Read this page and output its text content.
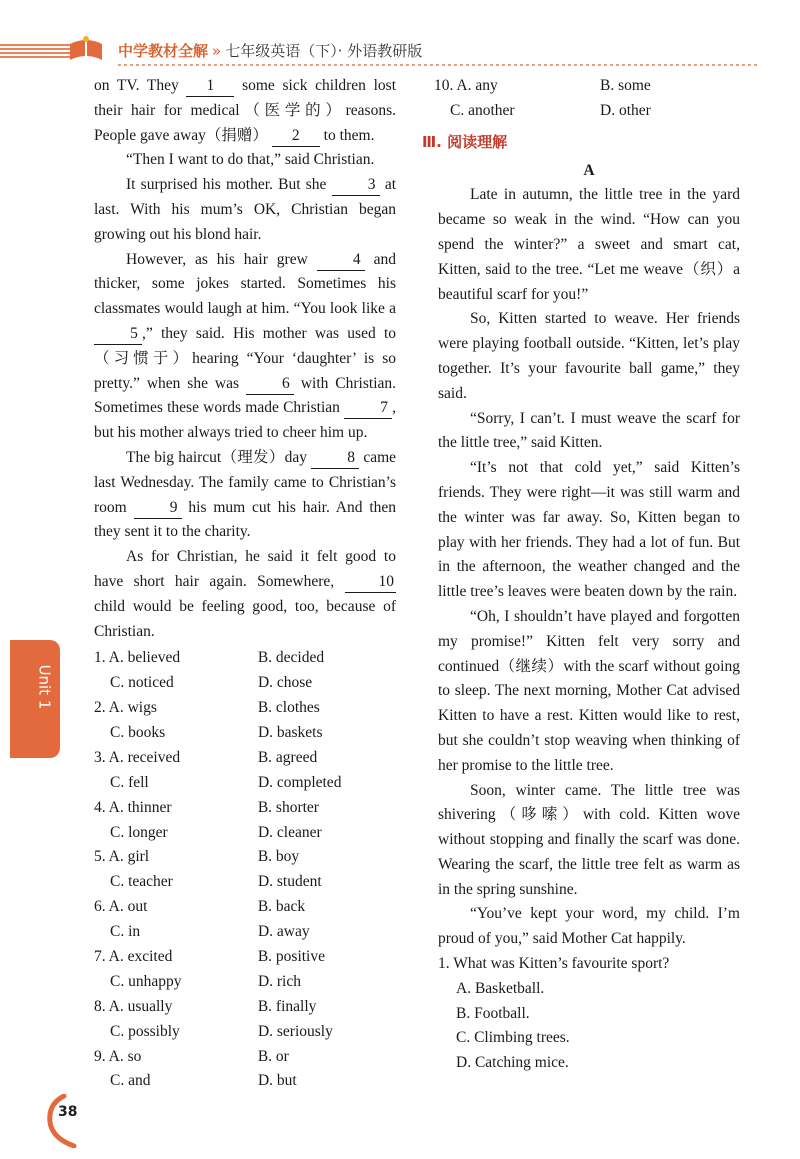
中学教材全解 » 七年级英语（下）· 外语教研版

on TV. They 1 some sick children lost their hair for medical（医学的）reasons. People gave away（捐赠） 2 to them.

“Then I want to do that,” said Christian.

It surprised his mother. But she	3 at last. With his mum’s OK, Christian began growing out his blond hair.

However, as his hair grew	4 and thicker, some jokes started. Sometimes his classmates would laugh at him. “You look like a 5 ,” they said. His mother was used to（习惯于）hearing “Your ‘daughter’ is so pretty.” when she was	6 with Christian. Sometimes these words made Christian	7 , but his mother always tried to cheer him up.

The big haircut（理发）day	8 came last Wednesday. The family came to Christian’s room	9 his mum cut his hair. And then they sent it to the charity.

As for Christian, he said it felt good to have short hair again. Somewhere,	10 child would be feeling good, too, because of Christian.

1. A. believed	B. decided
C. noticed	D. chose
2. A. wigs	B. clothes
C. books	D. baskets
3. A. received	B. agreed
C. fell	D. completed
4. A. thinner	B. shorter
C. longer	D. cleaner
5. A. girl	B. boy
C. teacher	D. student
6. A. out	B. back
C. in	D. away
7. A. excited	B. positive
C. unhappy	D. rich
8. A. usually	B. finally
C. possibly	D. seriously
9. A. so	B. or
C. and	D. but
10. A. any	B. some
C. another	D. other
Ⅲ. 阅读理解
A

Late in autumn, the little tree in the yard became so weak in the wind. “How can you spend the winter?” a sweet and smart cat, Kitten, said to the tree. “Let me weave（织）a beautiful scarf for you!”

So, Kitten started to weave. Her friends were playing football outside. “Kitten, let’s play together. It’s your favourite ball game,” they said.

“Sorry, I can’t. I must weave the scarf for the little tree,” said Kitten.

“It’s not that cold yet,” said Kitten’s friends. They were right—it was still warm and the winter was far away. So, Kitten began to play with her friends. They had a lot of fun. But in the afternoon, the weather changed and the little tree’s leaves were beaten down by the rain.

“Oh, I shouldn’t have played and forgotten my promise!” Kitten felt very sorry and continued（继续）with the scarf without going to sleep. The next morning, Mother Cat advised Kitten to have a rest. Kitten would like to rest, but she couldn’t stop weaving when thinking of her promise to the little tree.

Soon, winter came. The little tree was shivering（哆嗦）with cold. Kitten wove without stopping and finally the scarf was done. Wearing the scarf, the little tree felt as warm as in the spring sunshine.

“You’ve kept your word, my child. I’m proud of you,” said Mother Cat happily.

1. What was Kitten’s favourite sport?

A. Basketball.
B. Football.
C. Climbing trees.
D. Catching mice.
Unit 1
38
